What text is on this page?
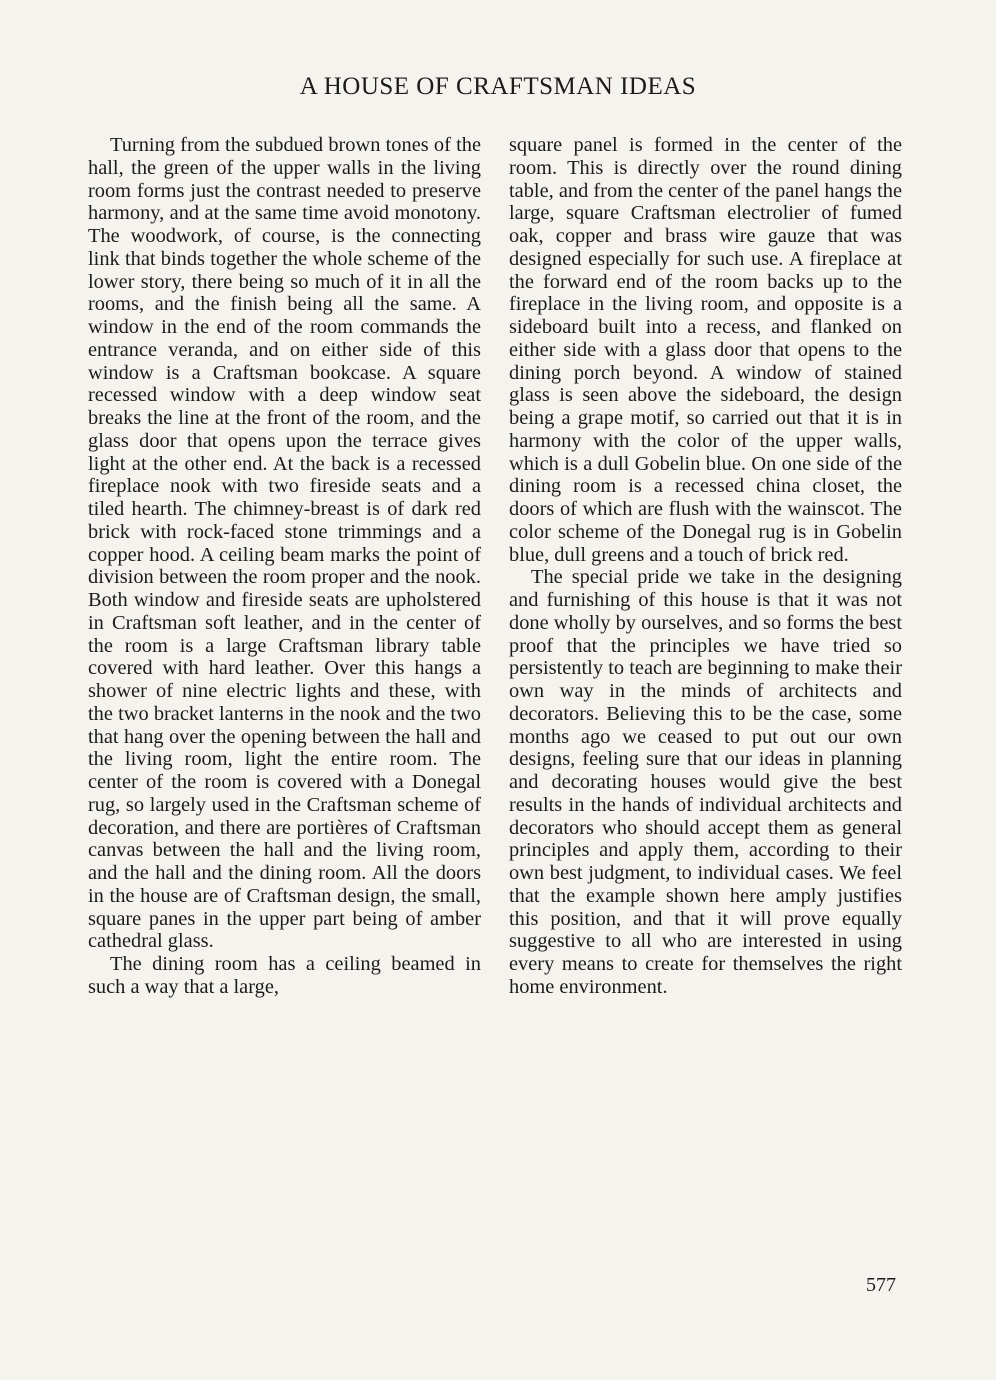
A HOUSE OF CRAFTSMAN IDEAS

Turning from the subdued brown tones of the hall, the green of the upper walls in the living room forms just the contrast needed to preserve harmony, and at the same time avoid monotony. The woodwork, of course, is the connecting link that binds together the whole scheme of the lower story, there being so much of it in all the rooms, and the finish being all the same. A window in the end of the room commands the entrance veranda, and on either side of this window is a Craftsman bookcase. A square recessed window with a deep window seat breaks the line at the front of the room, and the glass door that opens upon the terrace gives light at the other end. At the back is a recessed fireplace nook with two fireside seats and a tiled hearth. The chimney-breast is of dark red brick with rock-faced stone trimmings and a copper hood. A ceiling beam marks the point of division between the room proper and the nook. Both window and fireside seats are upholstered in Craftsman soft leather, and in the center of the room is a large Craftsman library table covered with hard leather. Over this hangs a shower of nine electric lights and these, with the two bracket lanterns in the nook and the two that hang over the opening between the hall and the living room, light the entire room. The center of the room is covered with a Donegal rug, so largely used in the Craftsman scheme of decoration, and there are portières of Craftsman canvas between the hall and the living room, and the hall and the dining room. All the doors in the house are of Craftsman design, the small, square panes in the upper part being of amber cathedral glass.

The dining room has a ceiling beamed in such a way that a large,

square panel is formed in the center of the room. This is directly over the round dining table, and from the center of the panel hangs the large, square Craftsman electrolier of fumed oak, copper and brass wire gauze that was designed especially for such use. A fireplace at the forward end of the room backs up to the fireplace in the living room, and opposite is a sideboard built into a recess, and flanked on either side with a glass door that opens to the dining porch beyond. A window of stained glass is seen above the sideboard, the design being a grape motif, so carried out that it is in harmony with the color of the upper walls, which is a dull Gobelin blue. On one side of the dining room is a recessed china closet, the doors of which are flush with the wainscot. The color scheme of the Donegal rug is in Gobelin blue, dull greens and a touch of brick red.

The special pride we take in the designing and furnishing of this house is that it was not done wholly by ourselves, and so forms the best proof that the principles we have tried so persistently to teach are beginning to make their own way in the minds of architects and decorators. Believing this to be the case, some months ago we ceased to put out our own designs, feeling sure that our ideas in planning and decorating houses would give the best results in the hands of individual architects and decorators who should accept them as general principles and apply them, according to their own best judgment, to individual cases. We feel that the example shown here amply justifies this position, and that it will prove equally suggestive to all who are interested in using every means to create for themselves the right home environment.

577
